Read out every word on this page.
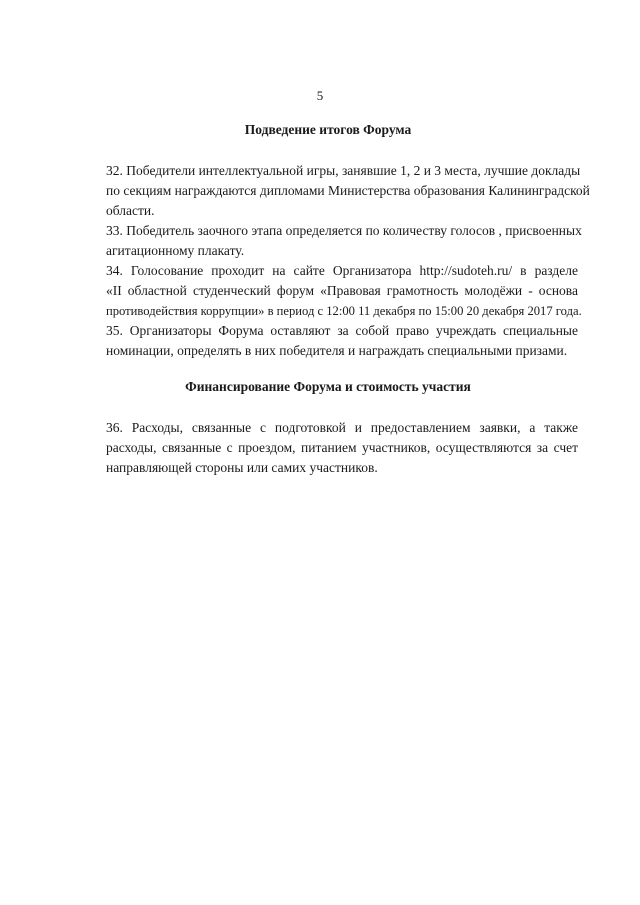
5
Подведение итогов Форума

32. Победители интеллектуальной игры, занявшие 1, 2 и 3 места, лучшие доклады
по секциям награждаются дипломами Министерства образования Калининградской
области.

33. Победитель заочного этапа определяется по количеству голосов , присвоенных
агитационному плакату.

34. Голосование проходит на сайте Организатора http://sudoteh.ru/ в разделе
«II областной студенческий форум «Правовая грамотность молодёжи - основа
противодействия коррупции» в период с 12:00 11 декабря по 15:00 20 декабря 2017 года.

35. Организаторы Форума оставляют за собой право учреждать специальные
номинации, определять в них победителя и награждать специальными призами.

Финансирование Форума и стоимость участия

36. Расходы, связанные с подготовкой и предоставлением заявки, а также
расходы, связанные с проездом, питанием участников, осуществляются за счет
направляющей стороны или самих участников.
